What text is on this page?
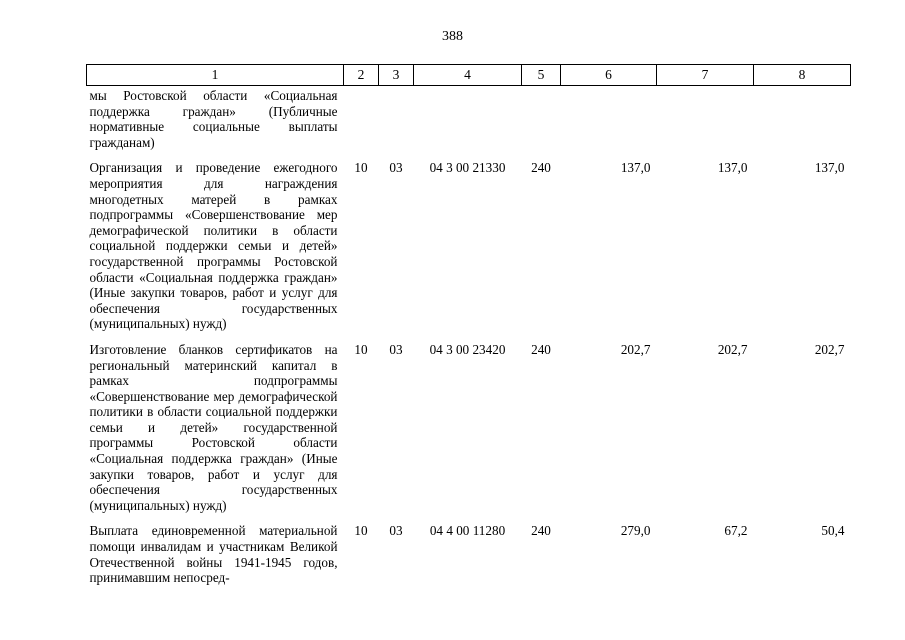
388
1	2	3	4	5	6	7	8
мы Ростовской области «Социальная поддержка граждан» (Публичные нормативные социальные выплаты гражданам)							
Организация и проведение ежегодного мероприятия для награждения многодетных матерей в рамках подпрограммы «Совершенствование мер демографической политики в области социальной поддержки семьи и детей» государственной программы Ростовской области «Социальная поддержка граждан» (Иные закупки товаров, работ и услуг для обеспечения государственных (муниципальных) нужд)	10	03	04 3 00 21330	240	137,0	137,0	137,0
Изготовление бланков сертификатов на региональный материнский капитал в рамках подпрограммы «Совершенствование мер демографической политики в области социальной поддержки семьи и детей» государственной программы Ростовской области «Социальная поддержка граждан» (Иные закупки товаров, работ и услуг для обеспечения государственных (муниципальных) нужд)	10	03	04 3 00 23420	240	202,7	202,7	202,7
Выплата единовременной материальной помощи инвалидам и участникам Великой Отечественной войны 1941-1945 годов, принимавшим непосред-	10	03	04 4 00 11280	240	279,0	67,2	50,4
